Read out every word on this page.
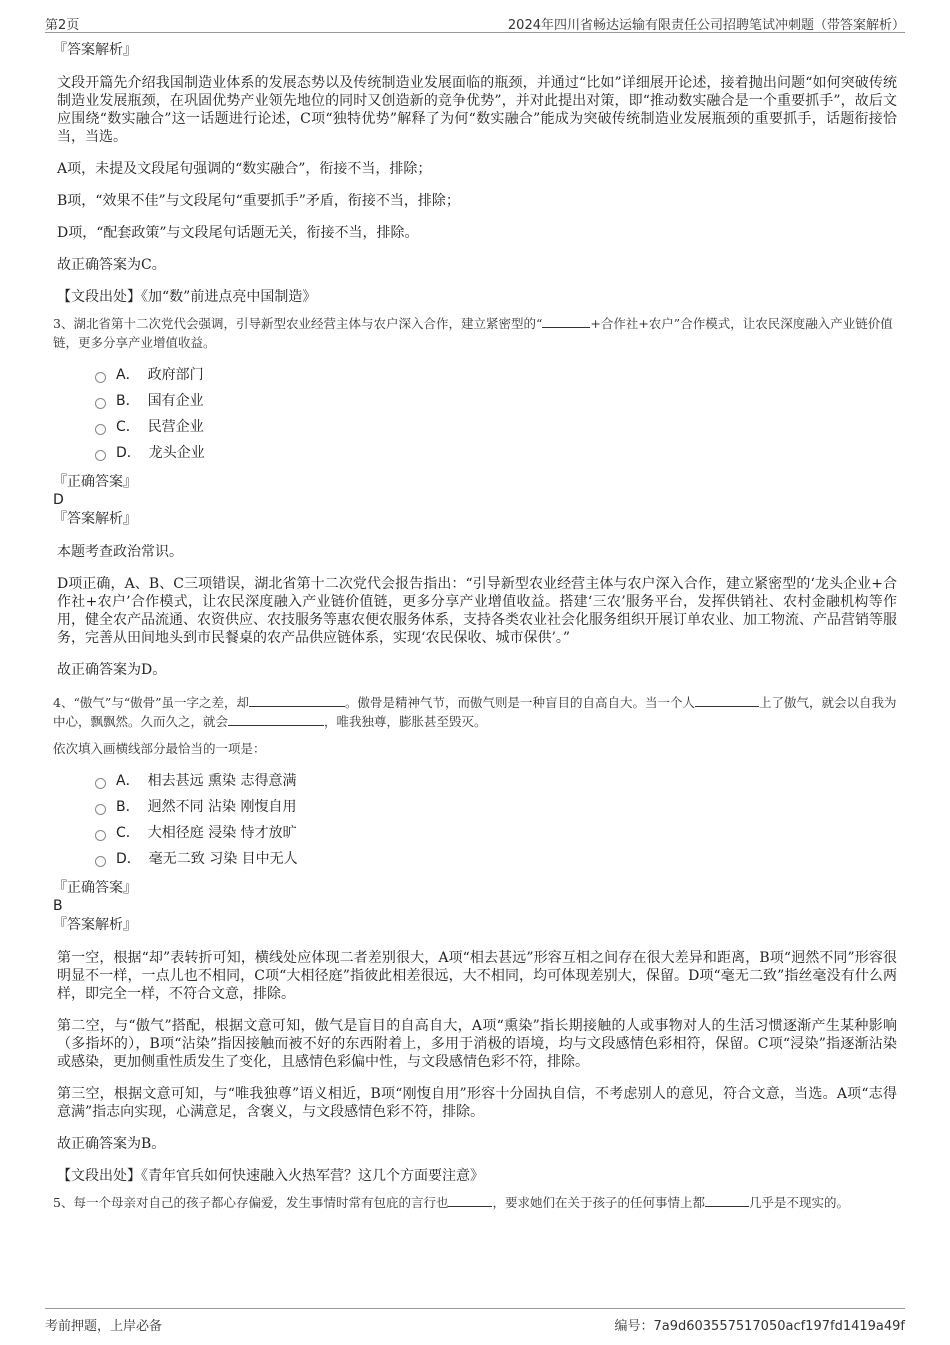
第2页	2024年四川省畅达运输有限责任公司招聘笔试冲刺题（带答案解析）

『答案解析』

文段开篇先介绍我国制造业体系的发展态势以及传统制造业发展面临的瓶颈，并通过“比如”详细展开论述，接着抛出问题“如何突破传统制造业发展瓶颈，在巩固优势产业领先地位的同时又创造新的竞争优势”，并对此提出对策，即“推动数实融合是一个重要抓手”，故后文应围绕“数实融合”这一话题进行论述，C项“独特优势”解释了为何“数实融合”能成为突破传统制造业发展瓶颈的重要抓手，话题衔接恰当，当选。

A项，未提及文段尾句强调的“数实融合”，衔接不当，排除；

B项，“效果不佳”与文段尾句“重要抓手”矛盾，衔接不当，排除；

D项，“配套政策”与文段尾句话题无关，衔接不当，排除。

故正确答案为C。

【文段出处】《加“数”前进点亮中国制造》

3、湖北省第十二次党代会强调，引导新型农业经营主体与农户深入合作，建立紧密型的“	+合作社+农户”合作模式，让农民深度融入产业链价值链，更多分享产业增值收益。

A． 政府部门
B． 国有企业
C． 民营企业
D． 龙头企业

『正确答案』

D

『答案解析』

本题考查政治常识。

D项正确，A、B、C三项错误，湖北省第十二次党代会报告指出：“引导新型农业经营主体与农户深入合作，建立紧密型的‘龙头企业+合作社+农户’合作模式，让农民深度融入产业链价值链，更多分享产业增值收益。搭建‘三农’服务平台，发挥供销社、农村金融机构等作用，健全农产品流通、农资供应、农技服务等惠农便农服务体系，支持各类农业社会化服务组织开展订单农业、加工物流、产品营销等服务，完善从田间地头到市民餐桌的农产品供应链体系，实现‘农民保收、城市保供’。”

故正确答案为D。

4、“傲气”与“傲骨”虽一字之差，却	。傲骨是精神气节，而傲气则是一种盲目的自高自大。当一个人	上了傲气，就会以自我为中心，飘飘然。久而久之，就会	，唯我独尊，膨胀甚至毁灭。

依次填入画横线部分最恰当的一项是：

A． 相去甚远 熏染 志得意满
B． 迥然不同 沾染 刚愎自用
C． 大相径庭 浸染 恃才放旷
D． 毫无二致 习染 目中无人

『正确答案』

B

『答案解析』

第一空，根据“却”表转折可知，横线处应体现二者差别很大，A项“相去甚远”形容互相之间存在很大差异和距离，B项“迥然不同”形容很明显不一样，一点儿也不相同，C项“大相径庭”指彼此相差很远，大不相同，均可体现差别大，保留。D项“毫无二致”指丝毫没有什么两样，即完全一样，不符合文意，排除。

第二空，与“傲气”搭配，根据文意可知，傲气是盲目的自高自大，A项“熏染”指长期接触的人或事物对人的生活习惯逐渐产生某种影响（多指坏的），B项“沾染”指因接触而被不好的东西附着上，多用于消极的语境，均与文段感情色彩相符，保留。C项“浸染”指逐渐沾染或感染，更加侧重性质发生了变化，且感情色彩偏中性，与文段感情色彩不符，排除。

第三空，根据文意可知，与“唯我独尊”语义相近，B项“刚愎自用”形容十分固执自信，不考虑别人的意见，符合文意，当选。A项“志得意满”指志向实现，心满意足，含褒义，与文段感情色彩不符，排除。

故正确答案为B。

【文段出处】《青年官兵如何快速融入火热军营？这几个方面要注意》

5、每一个母亲对自己的孩子都心存偏爱，发生事情时常有包庇的言行也	，要求她们在关于孩子的任何事情上都	几乎是不现实的。

考前押题，上岸必备	编号：7a9d603557517050acf197fd1419a49f
